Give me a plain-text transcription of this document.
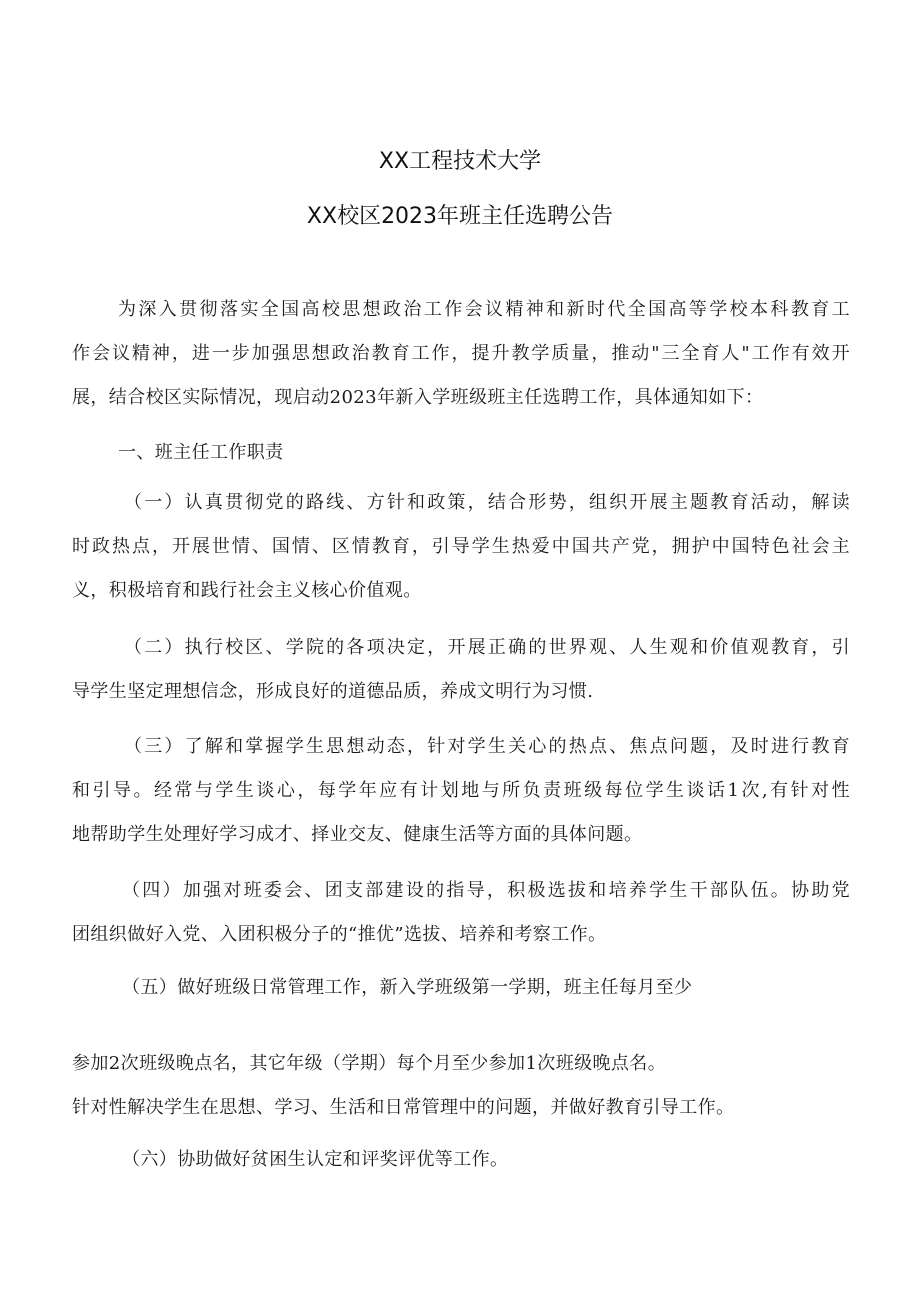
XX工程技术大学
XX校区2023年班主任选聘公告
为深入贯彻落实全国高校思想政治工作会议精神和新时代全国高等学校本科教育工
作会议精神，进一步加强思想政治教育工作，提升教学质量，推动"三全育人"工作有效开
展，结合校区实际情况，现启动2023年新入学班级班主任选聘工作，具体通知如下：
一、班主任工作职责
（一）认真贯彻党的路线、方针和政策，结合形势，组织开展主题教育活动，解读
时政热点，开展世情、国情、区情教育，引导学生热爱中国共产党，拥护中国特色社会主
义，积极培育和践行社会主义核心价值观。
（二）执行校区、学院的各项决定，开展正确的世界观、人生观和价值观教育，引
导学生坚定理想信念，形成良好的道德品质，养成文明行为习惯.
（三）了解和掌握学生思想动态，针对学生关心的热点、焦点问题，及时进行教育
和引导。经常与学生谈心，每学年应有计划地与所负责班级每位学生谈话1次,有针对性
地帮助学生处理好学习成才、择业交友、健康生活等方面的具体问题。
（四）加强对班委会、团支部建设的指导，积极选拔和培养学生干部队伍。协助党
团组织做好入党、入团积极分子的“推优”选拔、培养和考察工作。
（五）做好班级日常管理工作，新入学班级第一学期，班主任每月至少
参加2次班级晚点名，其它年级（学期）每个月至少参加1次班级晚点名。
针对性解决学生在思想、学习、生活和日常管理中的问题，并做好教育引导工作。
（六）协助做好贫困生认定和评奖评优等工作。
